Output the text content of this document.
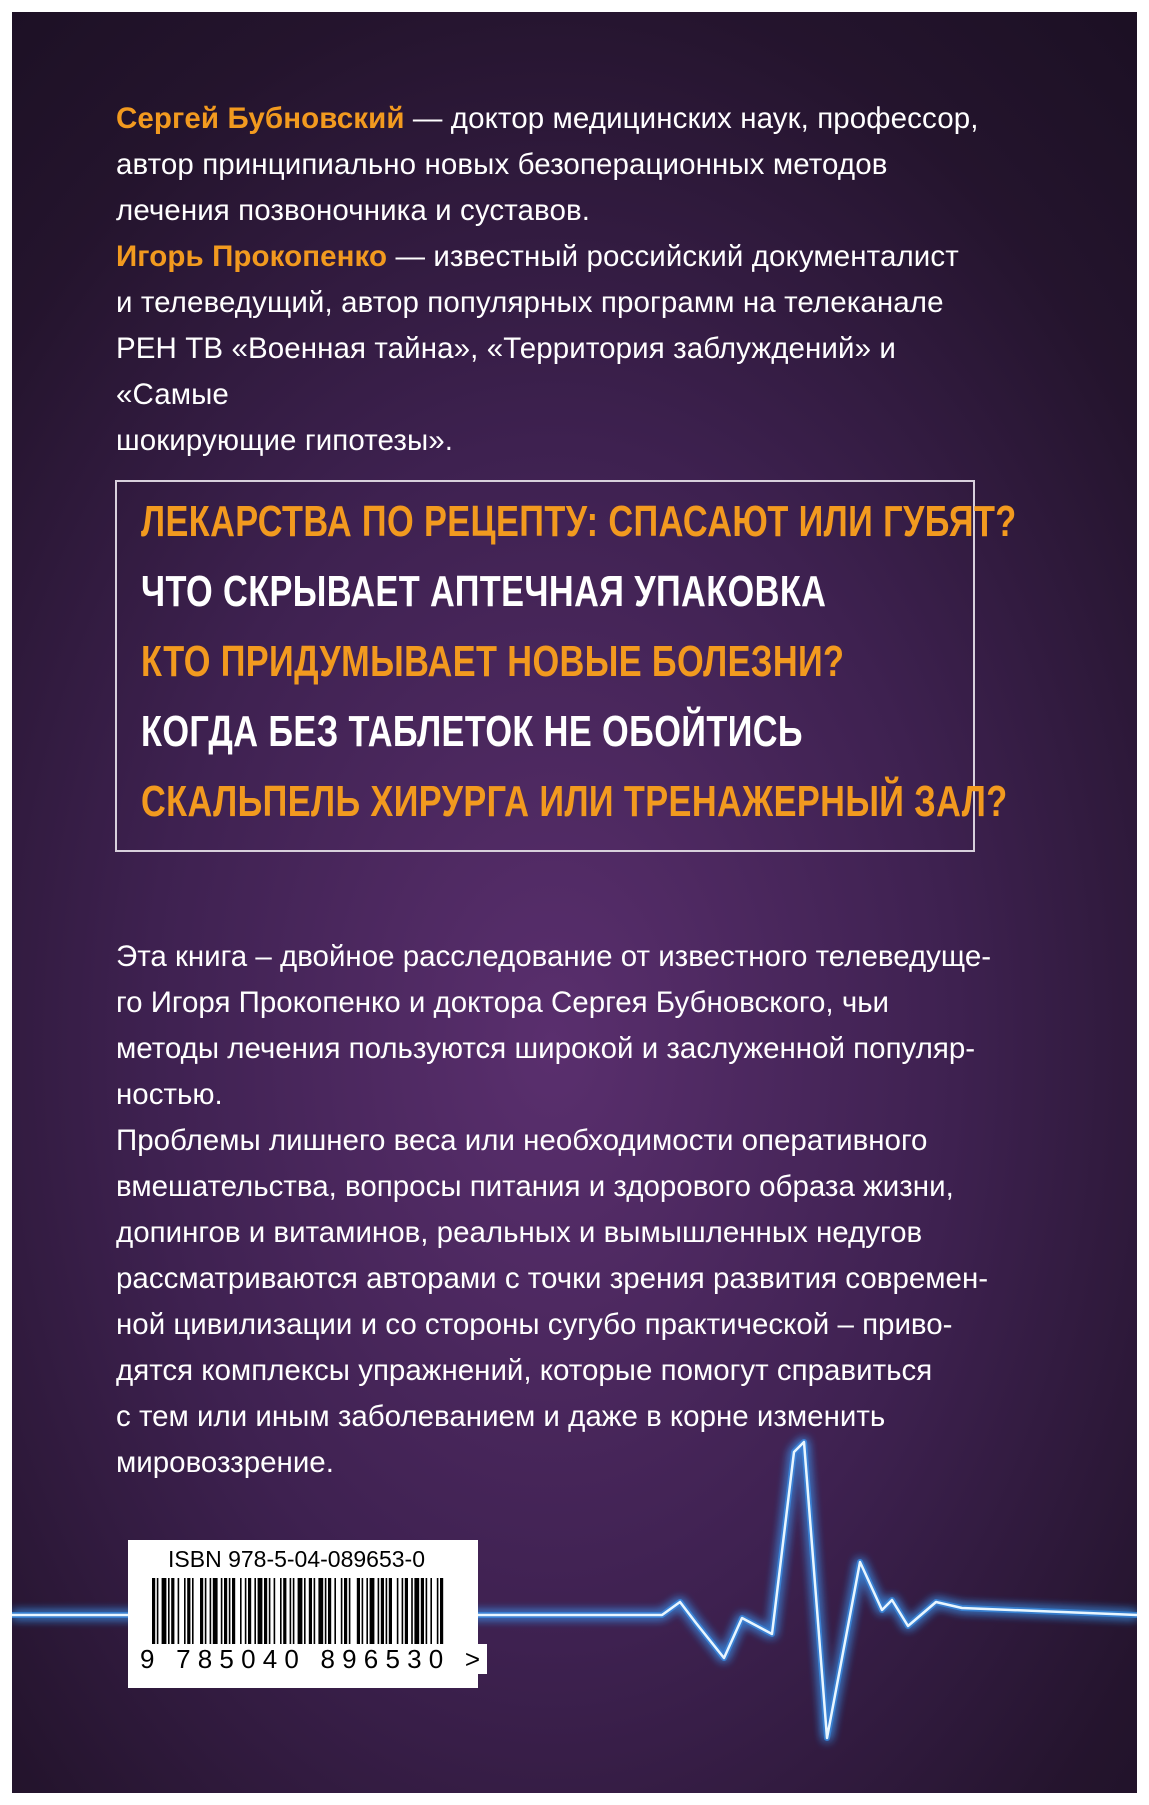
Сергей Бубновский — доктор медицинских наук, профессор,

автор принципиально новых безоперационных методов

лечения позвоночника и суставов.

Игорь Прокопенко — известный российский документалист

и телеведущий, автор популярных программ на телеканале

РЕН ТВ «Военная тайна», «Территория заблуждений» и «Самые

шокирующие гипотезы».

ЛЕКАРСТВА ПО РЕЦЕПТУ: СПАСАЮТ ИЛИ ГУБЯТ?
ЧТО СКРЫВАЕТ АПТЕЧНАЯ УПАКОВКА
КТО ПРИДУМЫВАЕТ НОВЫЕ БОЛЕЗНИ?
КОГДА БЕЗ ТАБЛЕТОК НЕ ОБОЙТИСЬ
СКАЛЬПЕЛЬ ХИРУРГА ИЛИ ТРЕНАЖЕРНЫЙ ЗАЛ?

Эта книга – двойное расследование от известного телеведуще-

го Игоря Прокопенко и доктора Сергея Бубновского, чьи

методы лечения пользуются широкой и заслуженной популяр-

ностью.

Проблемы лишнего веса или необходимости оперативного

вмешательства, вопросы питания и здорового образа жизни,

допингов и витаминов, реальных и вымышленных недугов

рассматриваются авторами с точки зрения развития современ-

ной цивилизации и со стороны сугубо практической – приво-

дятся комплексы упражнений, которые помогут справиться

с тем или иным заболеванием и даже в корне изменить

мировоззрение.

ISBN 978-5-04-089653-0
9 785040 896530 >
